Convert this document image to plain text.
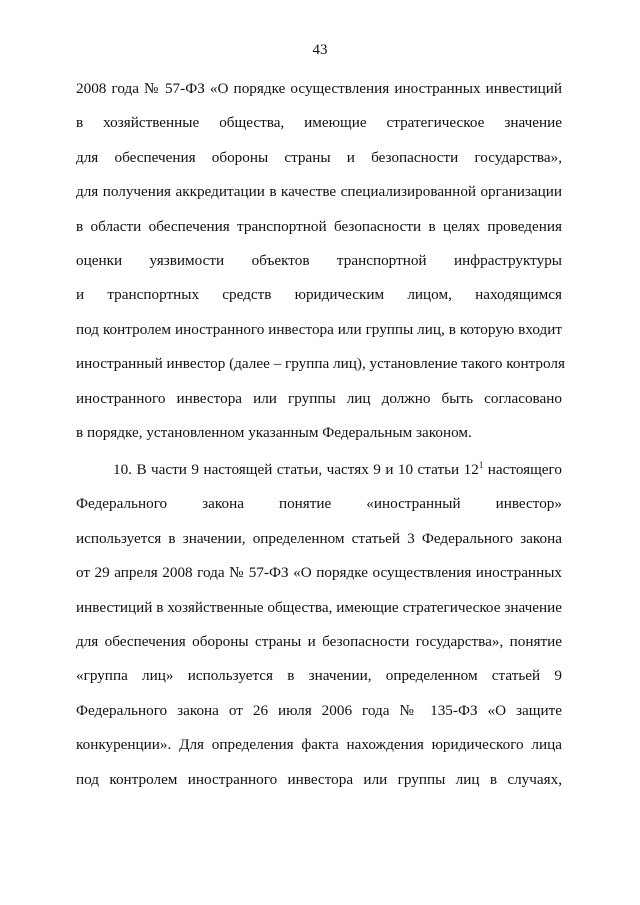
43
2008 года № 57-ФЗ «О порядке осуществления иностранных инвестиций
в хозяйственные общества, имеющие стратегическое значение
для обеспечения обороны страны и безопасности государства»,
для получения аккредитации в качестве специализированной организации
в области обеспечения транспортной безопасности в целях проведения
оценки уязвимости объектов транспортной инфраструктуры
и транспортных средств юридическим лицом, находящимся
под контролем иностранного инвестора или группы лиц, в которую входит
иностранный инвестор (далее – группа лиц), установление такого контроля
иностранного инвестора или группы лиц должно быть согласовано
в порядке, установленном указанным Федеральным законом.
10. В части 9 настоящей статьи, частях 9 и 10 статьи $12^1$ настоящего
Федерального закона понятие «иностранный инвестор»
используется в значении, определенном статьей 3 Федерального закона
от 29 апреля 2008 года № 57-ФЗ «О порядке осуществления иностранных
инвестиций в хозяйственные общества, имеющие стратегическое значение
для обеспечения обороны страны и безопасности государства», понятие
«группа лиц» используется в значении, определенном статьей 9
Федерального закона от 26 июля 2006 года № 135-ФЗ «О защите
конкуренции». Для определения факта нахождения юридического лица
под контролем иностранного инвестора или группы лиц в случаях,
